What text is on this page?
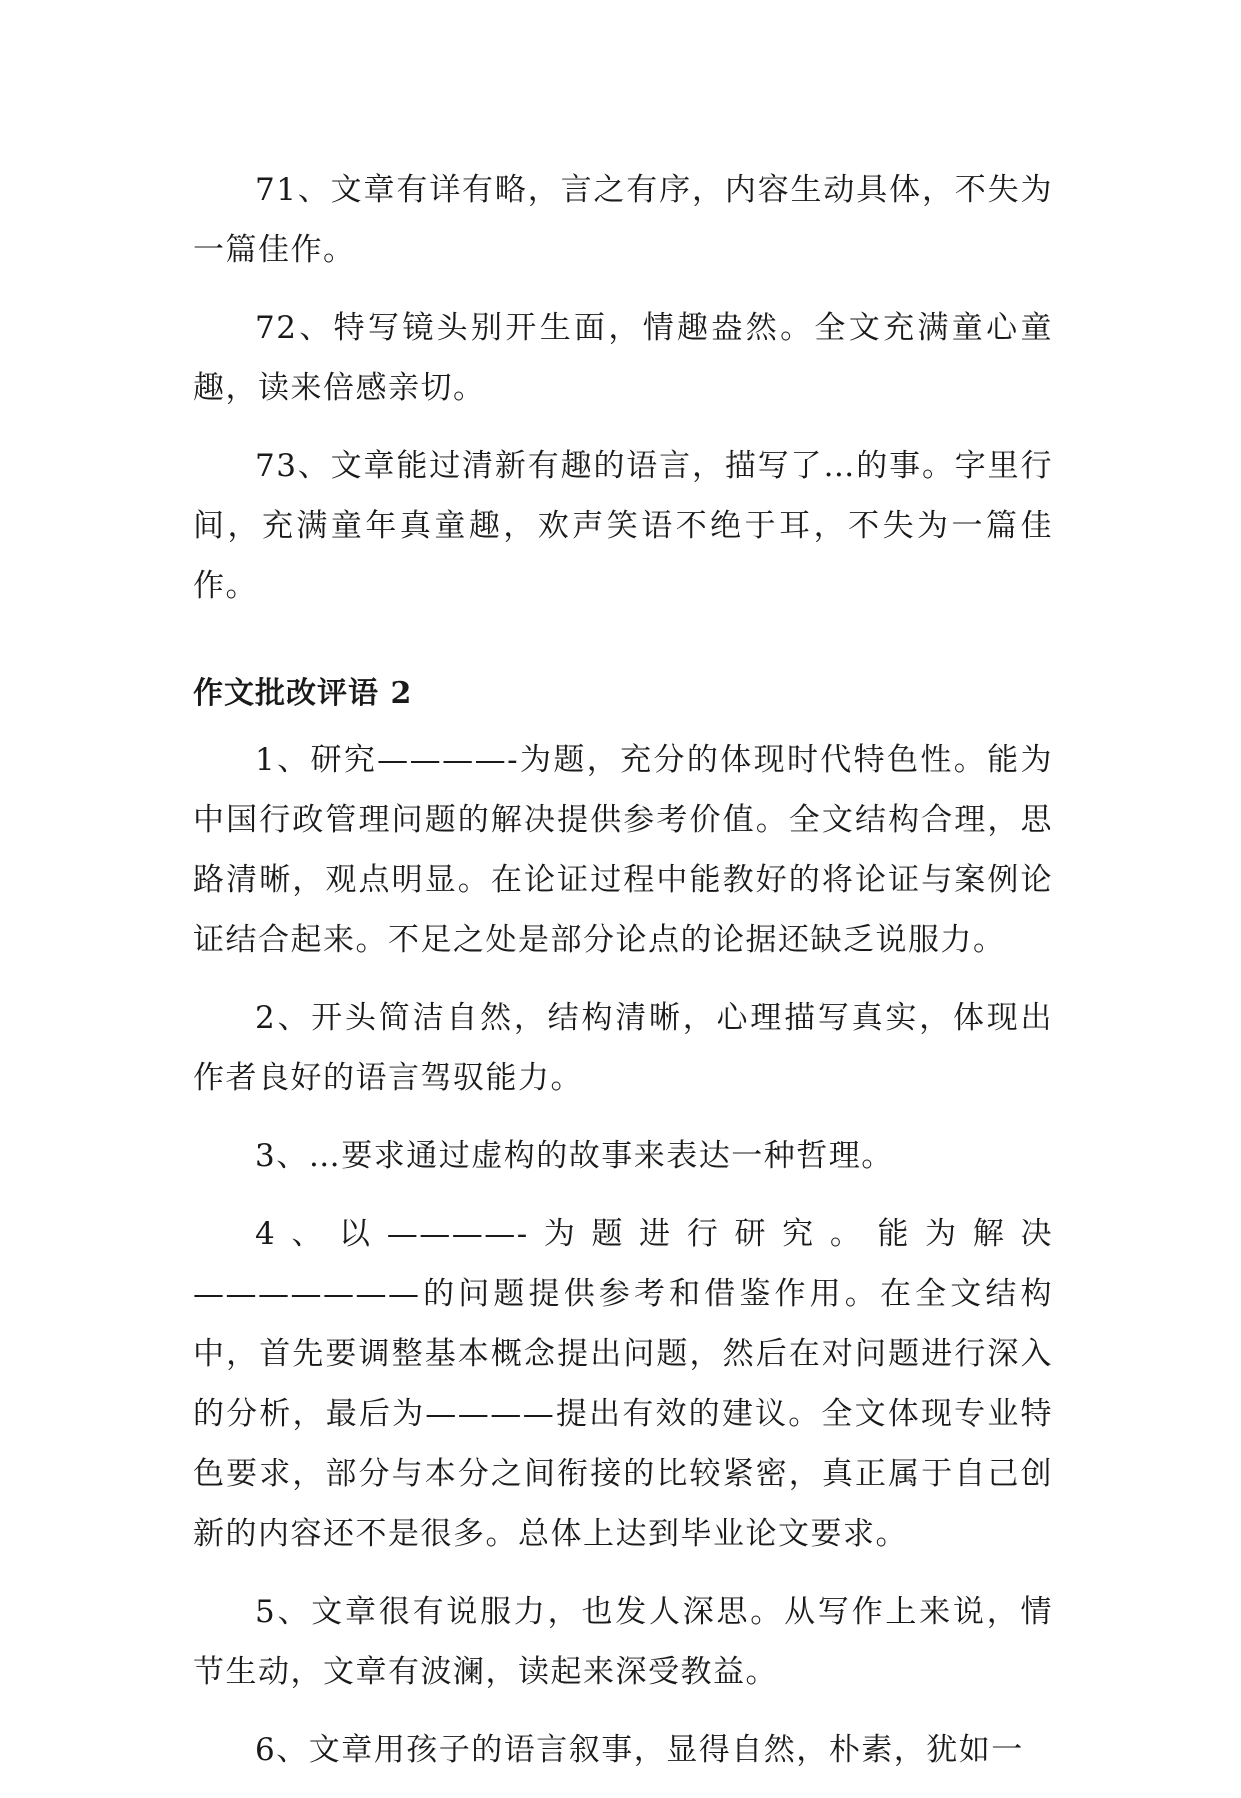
71、文章有详有略，言之有序，内容生动具体，不失为一篇佳作。

72、特写镜头别开生面，情趣盎然。全文充满童心童趣，读来倍感亲切。

73、文章能过清新有趣的语言，描写了…的事。字里行间，充满童年真童趣，欢声笑语不绝于耳，不失为一篇佳作。

作文批改评语 2

1、研究————-为题，充分的体现时代特色性。能为中国行政管理问题的解决提供参考价值。全文结构合理，思路清晰，观点明显。在论证过程中能教好的将论证与案例论证结合起来。不足之处是部分论点的论据还缺乏说服力。

2、开头简洁自然，结构清晰，心理描写真实，体现出作者良好的语言驾驭能力。

3、…要求通过虚构的故事来表达一种哲理。

4、以————-为题进行研究。能为解决———————的问题提供参考和借鉴作用。在全文结构中，首先要调整基本概念提出问题，然后在对问题进行深入的分析，最后为————提出有效的建议。全文体现专业特色要求，部分与本分之间衔接的比较紧密，真正属于自己创新的内容还不是很多。总体上达到毕业论文要求。

5、文章很有说服力，也发人深思。从写作上来说，情节生动，文章有波澜，读起来深受教益。

6、文章用孩子的语言叙事，显得自然，朴素，犹如一
